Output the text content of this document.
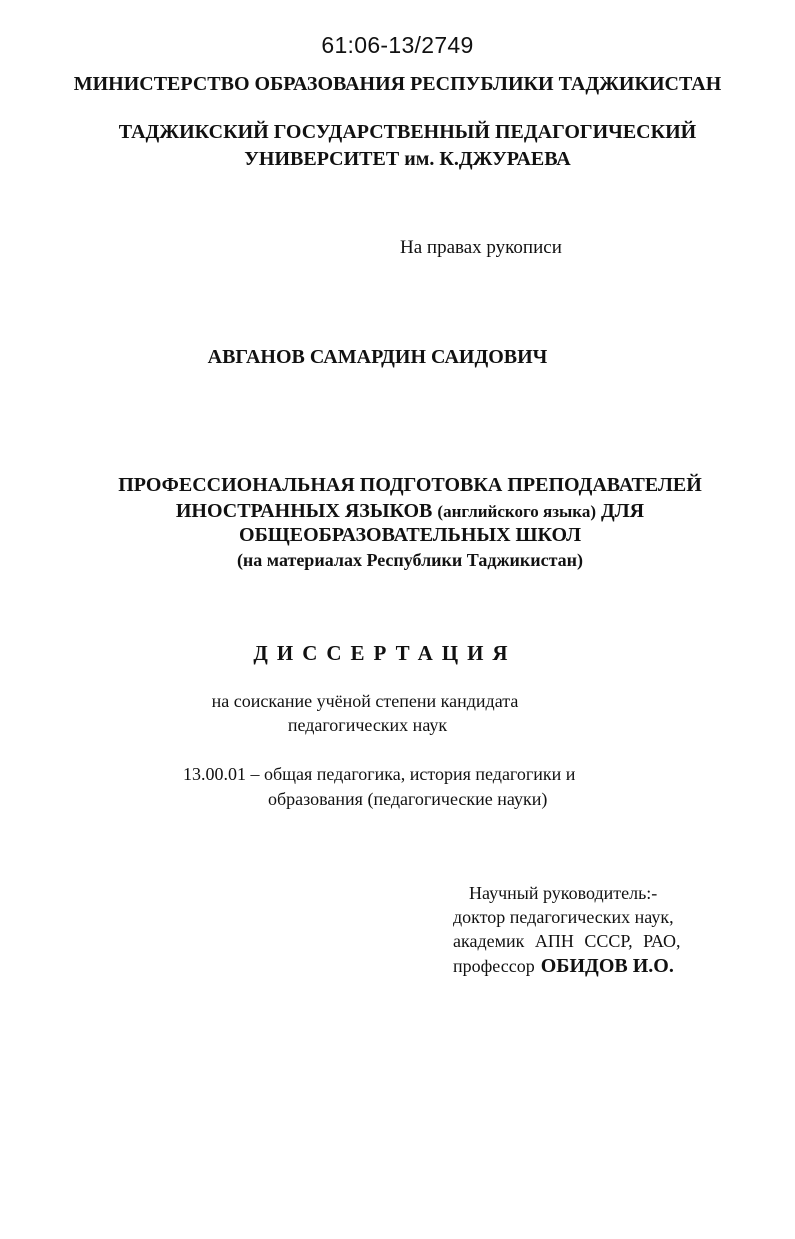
61:06-13/2749

МИНИСТЕРСТВО ОБРАЗОВАНИЯ РЕСПУБЛИКИ ТАДЖИКИСТАН

ТАДЖИКСКИЙ ГОСУДАРСТВЕННЫЙ ПЕДАГОГИЧЕСКИЙ

УНИВЕРСИТЕТ им. К.ДЖУРАЕВА

На правах рукописи

АВГАНОВ САМАРДИН САИДОВИЧ

ПРОФЕССИОНАЛЬНАЯ ПОДГОТОВКА ПРЕПОДАВАТЕЛЕЙ

ИНОСТРАННЫХ ЯЗЫКОВ (английского языка) ДЛЯ

ОБЩЕОБРАЗОВАТЕЛЬНЫХ ШКОЛ

(на материалах Республики Таджикистан)

ДИССЕРТАЦИЯ

на соискание учёной степени кандидата

педагогических наук

13.00.01 – общая педагогика, история педагогики и

образования (педагогические науки)

Научный руководитель:-

доктор педагогических наук,

академик АПН СССР, РАО,

профессор ОБИДОВ И.О.
